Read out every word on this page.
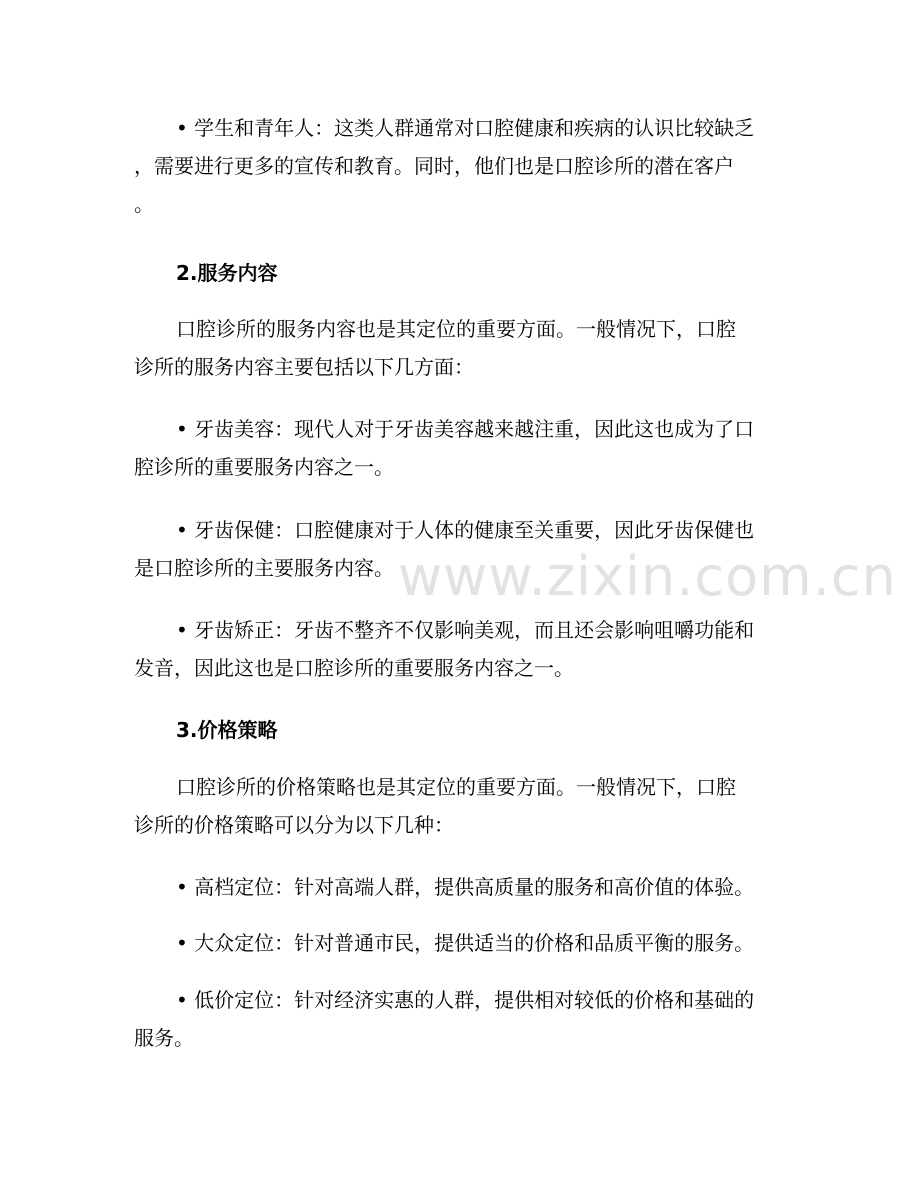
www.zixin.com.cn
• 学生和青年人：这类人群通常对口腔健康和疾病的认识比较缺乏
，需要进行更多的宣传和教育。同时，他们也是口腔诊所的潜在客户
。
2.服务内容
口腔诊所的服务内容也是其定位的重要方面。一般情况下，口腔
诊所的服务内容主要包括以下几方面：
• 牙齿美容：现代人对于牙齿美容越来越注重，因此这也成为了口
腔诊所的重要服务内容之一。
• 牙齿保健：口腔健康对于人体的健康至关重要，因此牙齿保健也
是口腔诊所的主要服务内容。
• 牙齿矫正：牙齿不整齐不仅影响美观，而且还会影响咀嚼功能和
发音，因此这也是口腔诊所的重要服务内容之一。
3.价格策略
口腔诊所的价格策略也是其定位的重要方面。一般情况下，口腔
诊所的价格策略可以分为以下几种：
• 高档定位：针对高端人群，提供高质量的服务和高价值的体验。
• 大众定位：针对普通市民，提供适当的价格和品质平衡的服务。
• 低价定位：针对经济实惠的人群，提供相对较低的价格和基础的
服务。
